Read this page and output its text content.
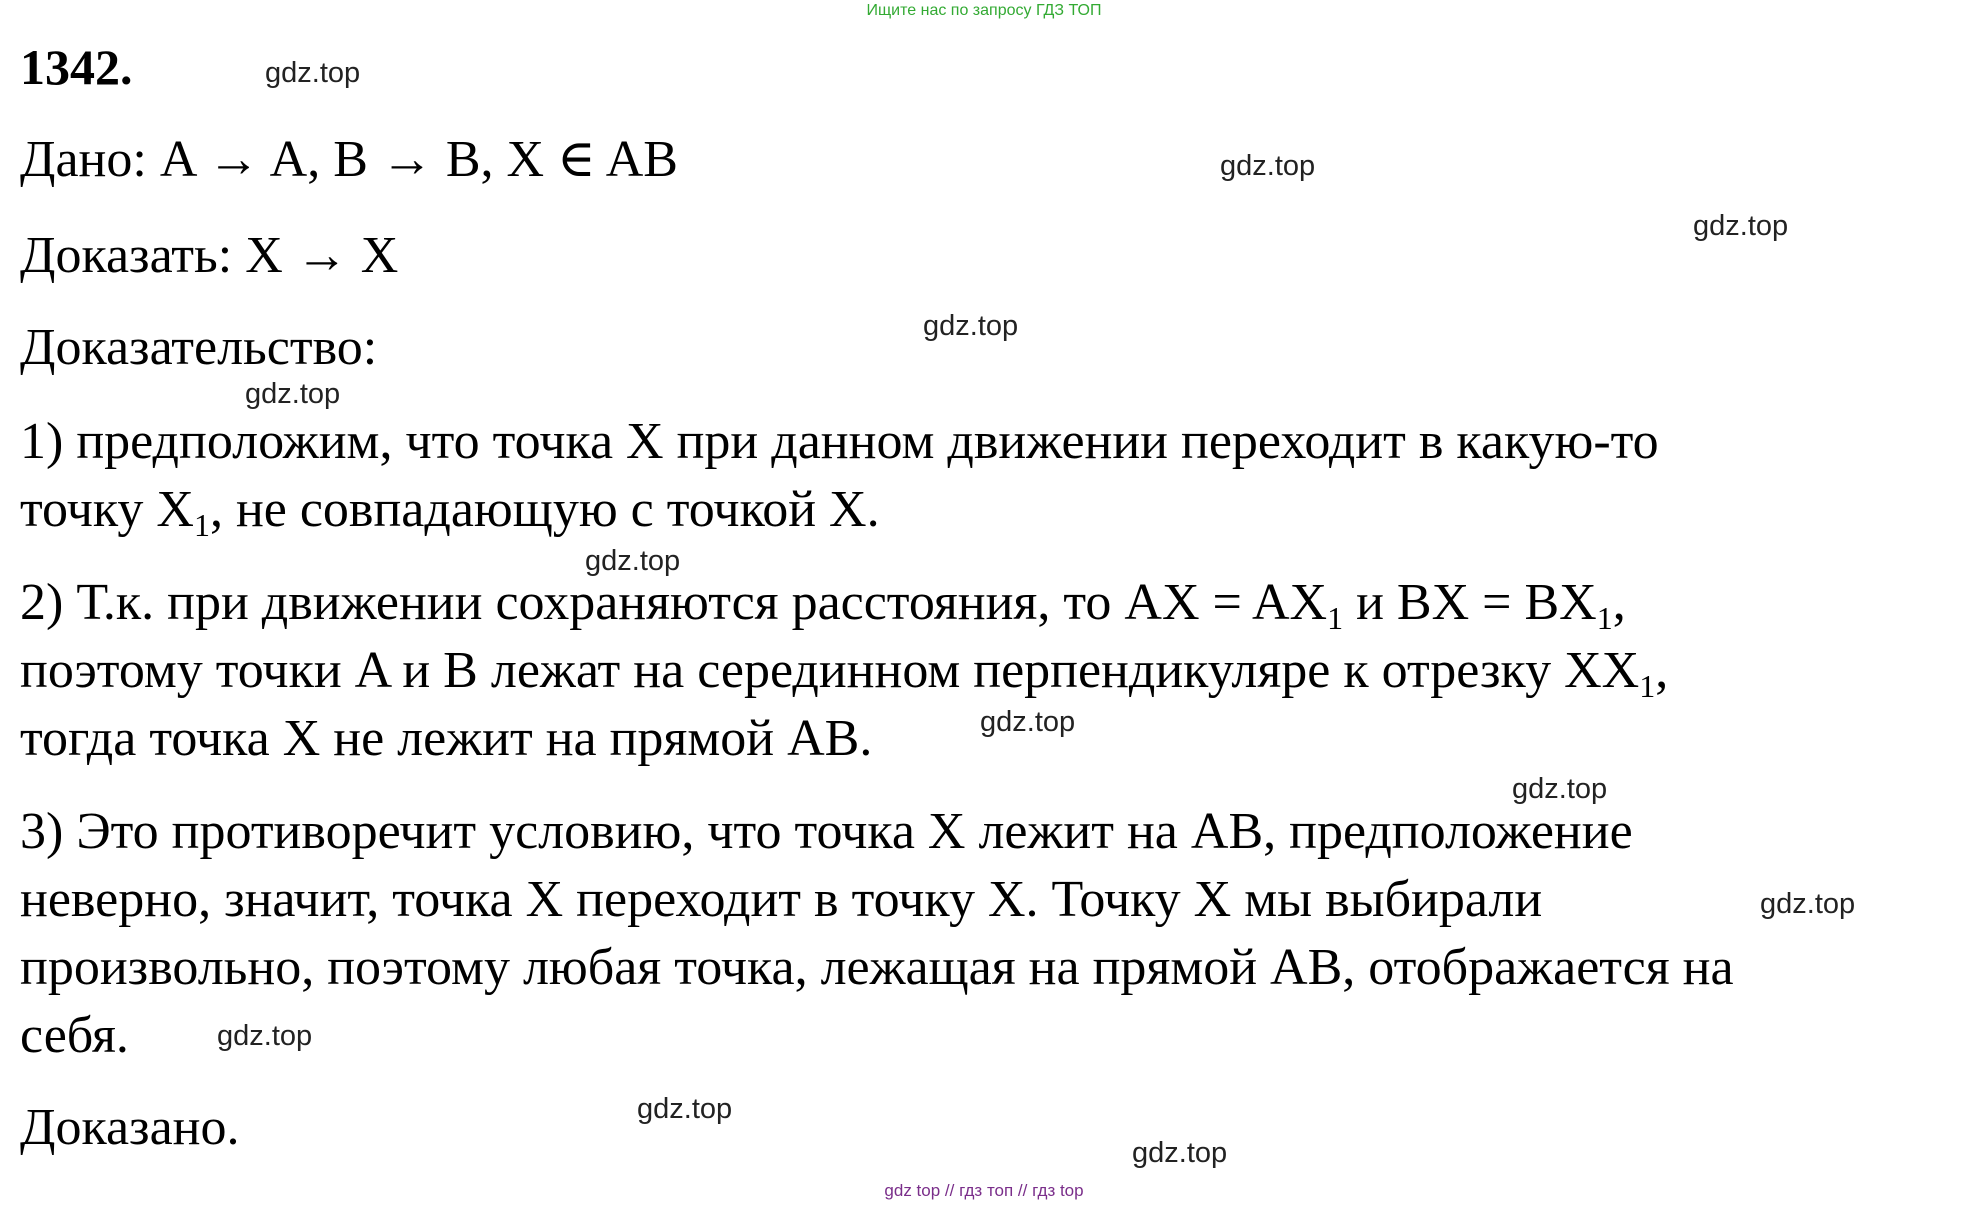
Ищите нас по запросу ГДЗ ТОП
1342.
Дано: A → A, B → B, X ∈ AB
Доказать: X → X
Доказательство:
1) предположим, что точка X при данном движении переходит в какую-то
точку $X_1$, не совпадающую с точкой X.
2) Т.к. при движении сохраняются расстояния, то AX = $AX_1$ и BX = $BX_1$,
поэтому точки A и B лежат на серединном перпендикуляре к отрезку $XX_1$,
тогда точка X не лежит на прямой AB.
3) Это противоречит условию, что точка X лежит на AB, предположение
неверно, значит, точка X переходит в точку X. Точку X мы выбирали
произвольно, поэтому любая точка, лежащая на прямой AB, отображается на
себя.
Доказано.
gdz.top
gdz.top
gdz.top
gdz.top
gdz.top
gdz.top
gdz.top
gdz.top
gdz.top
gdz.top
gdz.top
gdz.top
gdz top // гдз топ // гдз top
